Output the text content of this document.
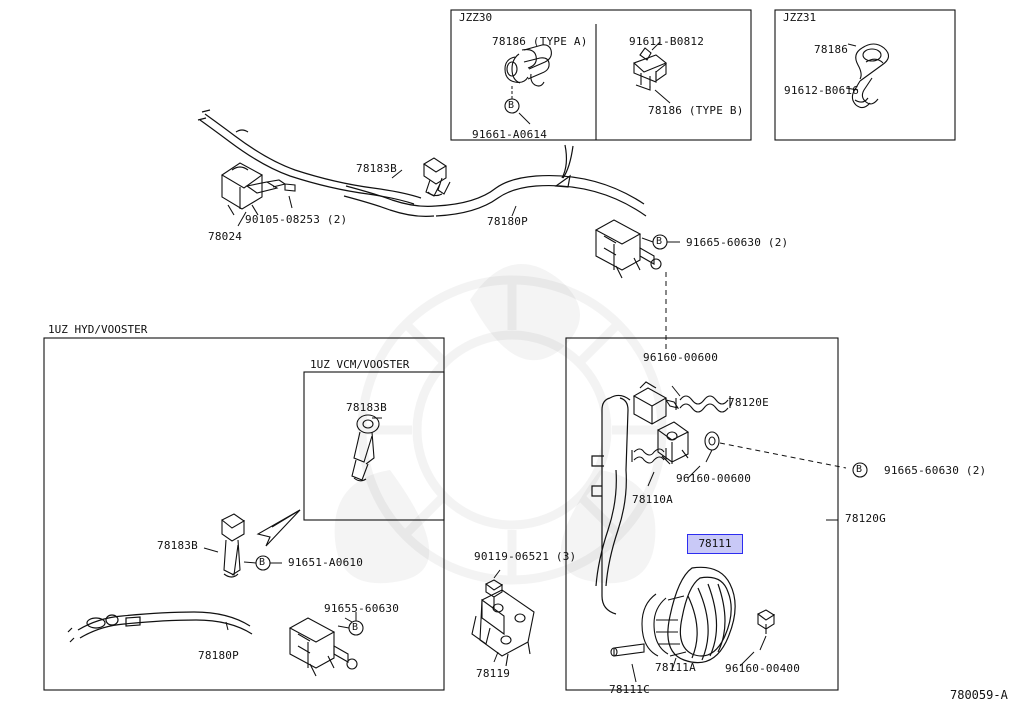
JZZ30	JZZ31
78186 (TYPE A)
91661-A0614
91611-B0812
78186 (TYPE B)
B
78186
91612-B0616
90105-08253 (2)
78024
78183B
78180P
91665-60630 (2)
B
1UZ HYD/VOOSTER
1UZ VCM/VOOSTER
78183B
78183B
91651-A0610
B
91655-60630
B
78180P
96160-00600
78120E
96160-00600
78110A
91665-60630 (2)
B
78120G
78111A
78111C
96160-00400
78111
90119-06521 (3)
78119
780059-A
